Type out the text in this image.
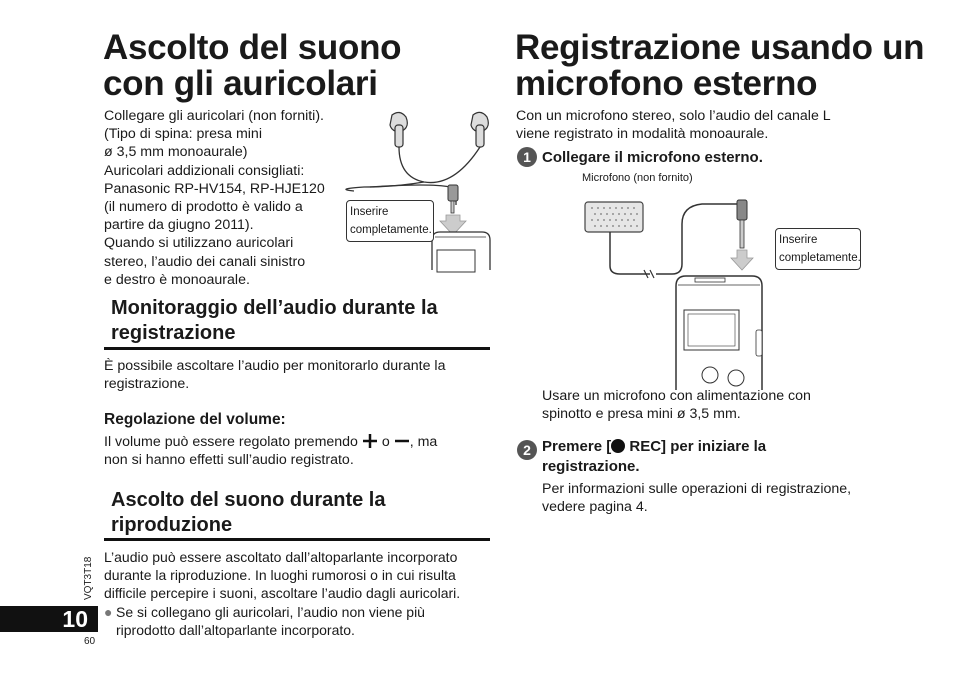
Ascolto del suono
con gli auricolari

Collegare gli auricolari (non forniti).

(Tipo di spina: presa mini

ø 3,5 mm monoaurale)

Auricolari addizionali consigliati:

Panasonic RP-HV154, RP-HJE120

(il numero di prodotto è valido a

partire da giugno 2011).

Quando si utilizzano auricolari

stereo, l’audio dei canali sinistro

e destro è monoaurale.

Inserire
completamente.
Monitoraggio dell’audio durante la
registrazione

È possibile ascoltare l’audio per monitorarlo durante la

registrazione.

Regolazione del volume:
Il volume può essere regolato premendo o , ma
non si hanno effetti sull’audio registrato.
Ascolto del suono durante la
riproduzione

L’audio può essere ascoltato dall’altoparlante incorporato

durante la riproduzione. In luoghi rumorosi o in cui risulta

difficile percepire i suoni, ascoltare l’audio dagli auricolari.

● Se si collegano gli auricolari, l’audio non viene più
riprodotto dall’altoparlante incorporato.
VQT3T18
10
60
Registrazione usando un
microfono esterno

Con un microfono stereo, solo l’audio del canale L

viene registrato in modalità monoaurale.

1 Collegare il microfono esterno.
Microfono (non fornito)
Inserire
completamente.

Usare un microfono con alimentazione con

spinotto e presa mini ø 3,5 mm.

2 Premere [ REC] per iniziare la
registrazione.

Per informazioni sulle operazioni di registrazione,

vedere pagina 4.
